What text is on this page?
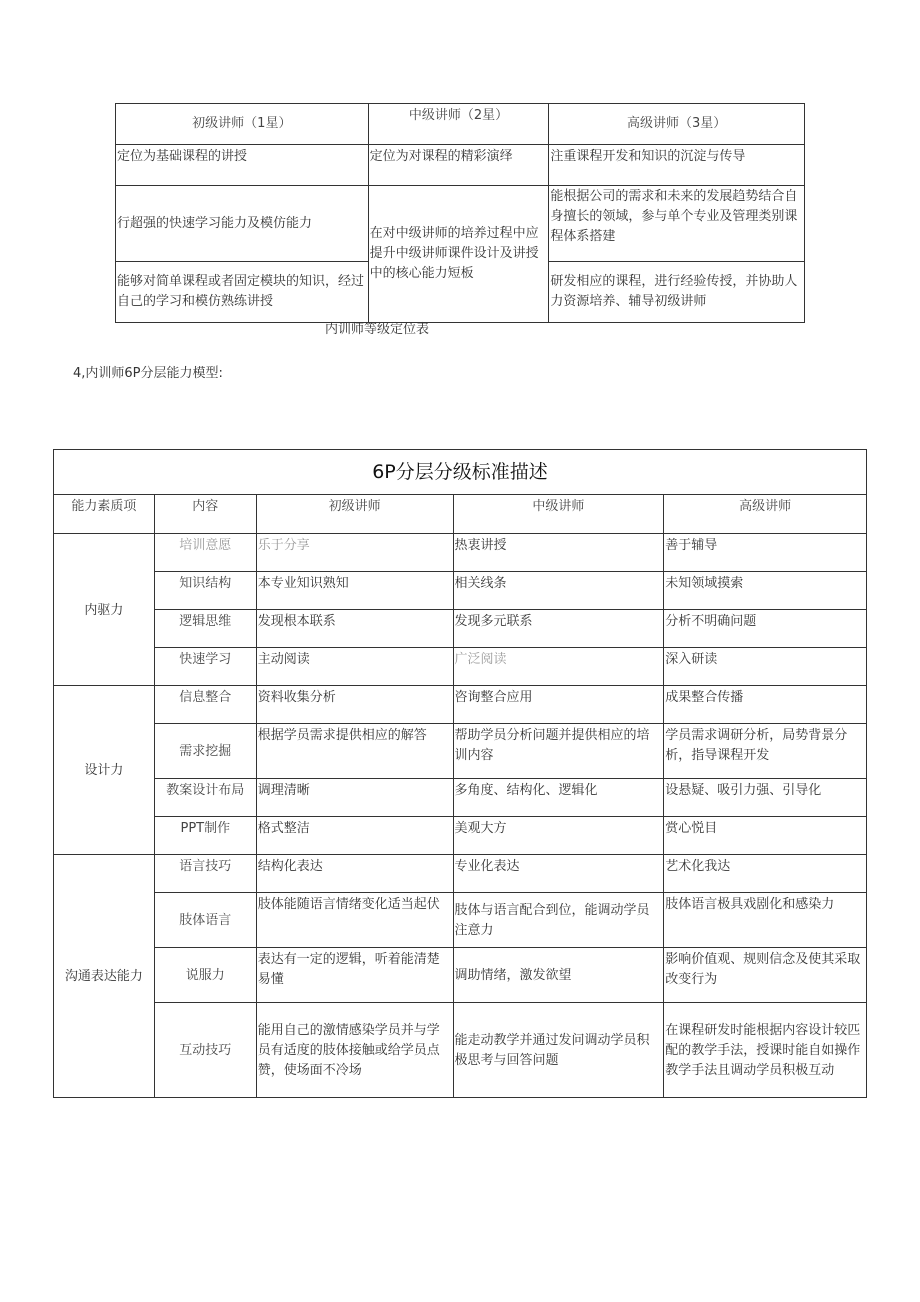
初级讲师（1星）	中级讲师（2星）	高级讲师（3星）
定位为基础课程的讲授	定位为对课程的精彩演绎	注重课程开发和知识的沉淀与传导
行超强的快速学习能力及模仿能力	在对中级讲师的培养过程中应提升中级讲师课件设计及讲授中的核心能力短板	能根据公司的需求和未来的发展趋势结合自身擅长的领域，参与单个专业及管理类别课程体系搭建
能够对简单课程或者固定模块的知识，经过自己的学习和模仿熟练讲授		研发相应的课程，进行经验传授，并协助人力资源培养、辅导初级讲师
内训师等级定位表
4,内训师6P分层能力模型:
6P分层分级标准描述				
能力素质项	内容	初级讲师	中级讲师	高级讲师
内驱力	培训意愿	乐于分享	热衷讲授	善于辅导
	知识结构	本专业知识熟知	相关线条	未知领域摸索
	逻辑思维	发现根本联系	发现多元联系	分析不明确问题
	快速学习	主动阅读	广泛阅读	深入研读
设计力	信息整合	资料收集分析	咨询整合应用	成果整合传播
	需求挖掘	根据学员需求提供相应的解答	帮助学员分析问题并提供相应的培训内容	学员需求调研分析，局势背景分析，指导课程开发
	教案设计布局	调理清晰	多角度、结构化、逻辑化	设悬疑、吸引力强、引导化
	PPT制作	格式整洁	美观大方	赏心悦目
沟通表达能力	语言技巧	结构化表达	专业化表达	艺术化我达
	肢体语言	肢体能随语言情绪变化适当起伏	肢体与语言配合到位，能调动学员注意力	肢体语言极具戏剧化和感染力
	说服力	表达有一定的逻辑，听着能清楚易懂	调助情绪，激发欲望	影响价值观、规则信念及使其采取改变行为
	互动技巧	能用自己的激情感染学员并与学员有适度的肢体接触或给学员点赞，使场面不冷场	能走动教学并通过发问调动学员积极思考与回答问题	在课程研发时能根据内容设计较匹配的教学手法，授课时能自如操作教学手法且调动学员积极互动
